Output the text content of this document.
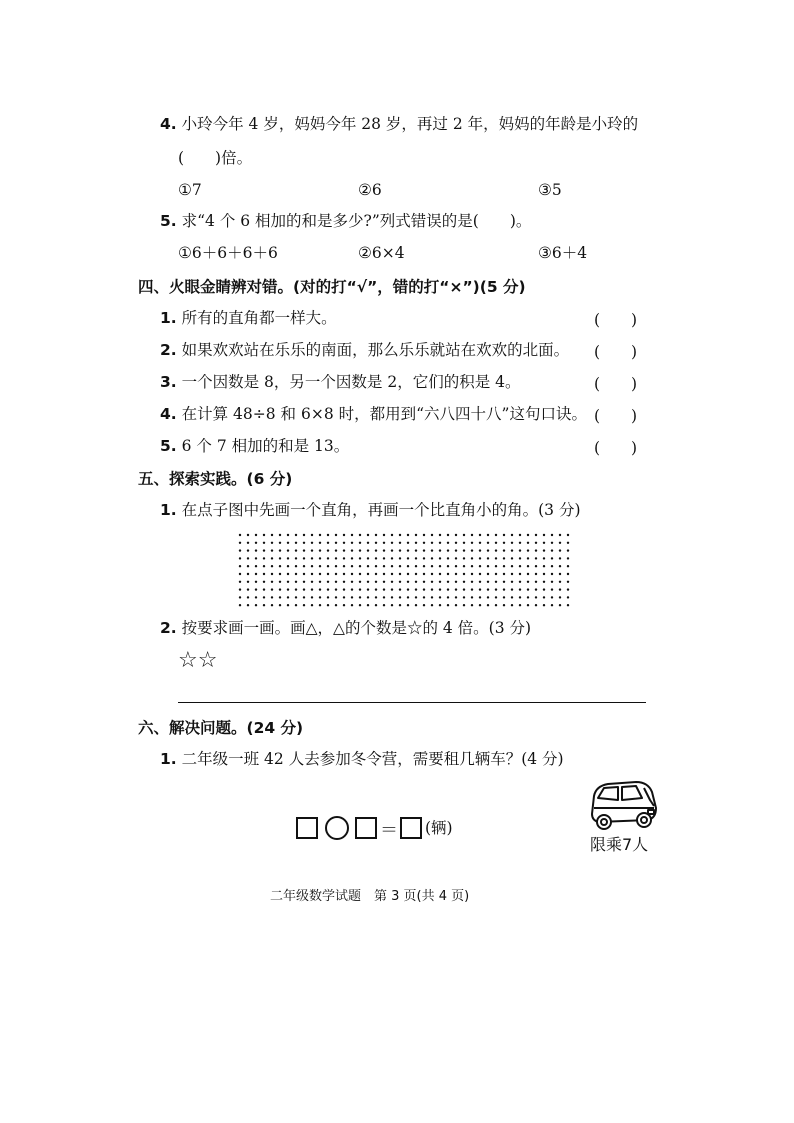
4. 小玲今年 4 岁，妈妈今年 28 岁，再过 2 年，妈妈的年龄是小玲的
(　　)倍。
①7	②6	③5
5. 求“4 个 6 相加的和是多少?”列式错误的是(　　)。
①6＋6＋6＋6	②6×4	③6＋4
四、火眼金睛辨对错。(对的打“√”，错的打“×”)(5 分)
1. 所有的直角都一样大。	(　　)
2. 如果欢欢站在乐乐的南面，那么乐乐就站在欢欢的北面。 (　　)
3. 一个因数是 8，另一个因数是 2，它们的积是 4。	(　　)
4. 在计算 48÷8 和 6×8 时，都用到“六八四十八”这句口诀。 (　　)
5. 6 个 7 相加的和是 13。	(　　)
五、探索实践。(6 分)
1. 在点子图中先画一个直角，再画一个比直角小的角。(3 分)
2. 按要求画一画。画△，△的个数是☆的 4 倍。(3 分)
☆☆
六、解决问题。(24 分)
1. 二年级一班 42 人去参加冬令营，需要租几辆车？(4 分)
＝ (辆)
限乘7人
二年级数学试题　第 3 页(共 4 页)
